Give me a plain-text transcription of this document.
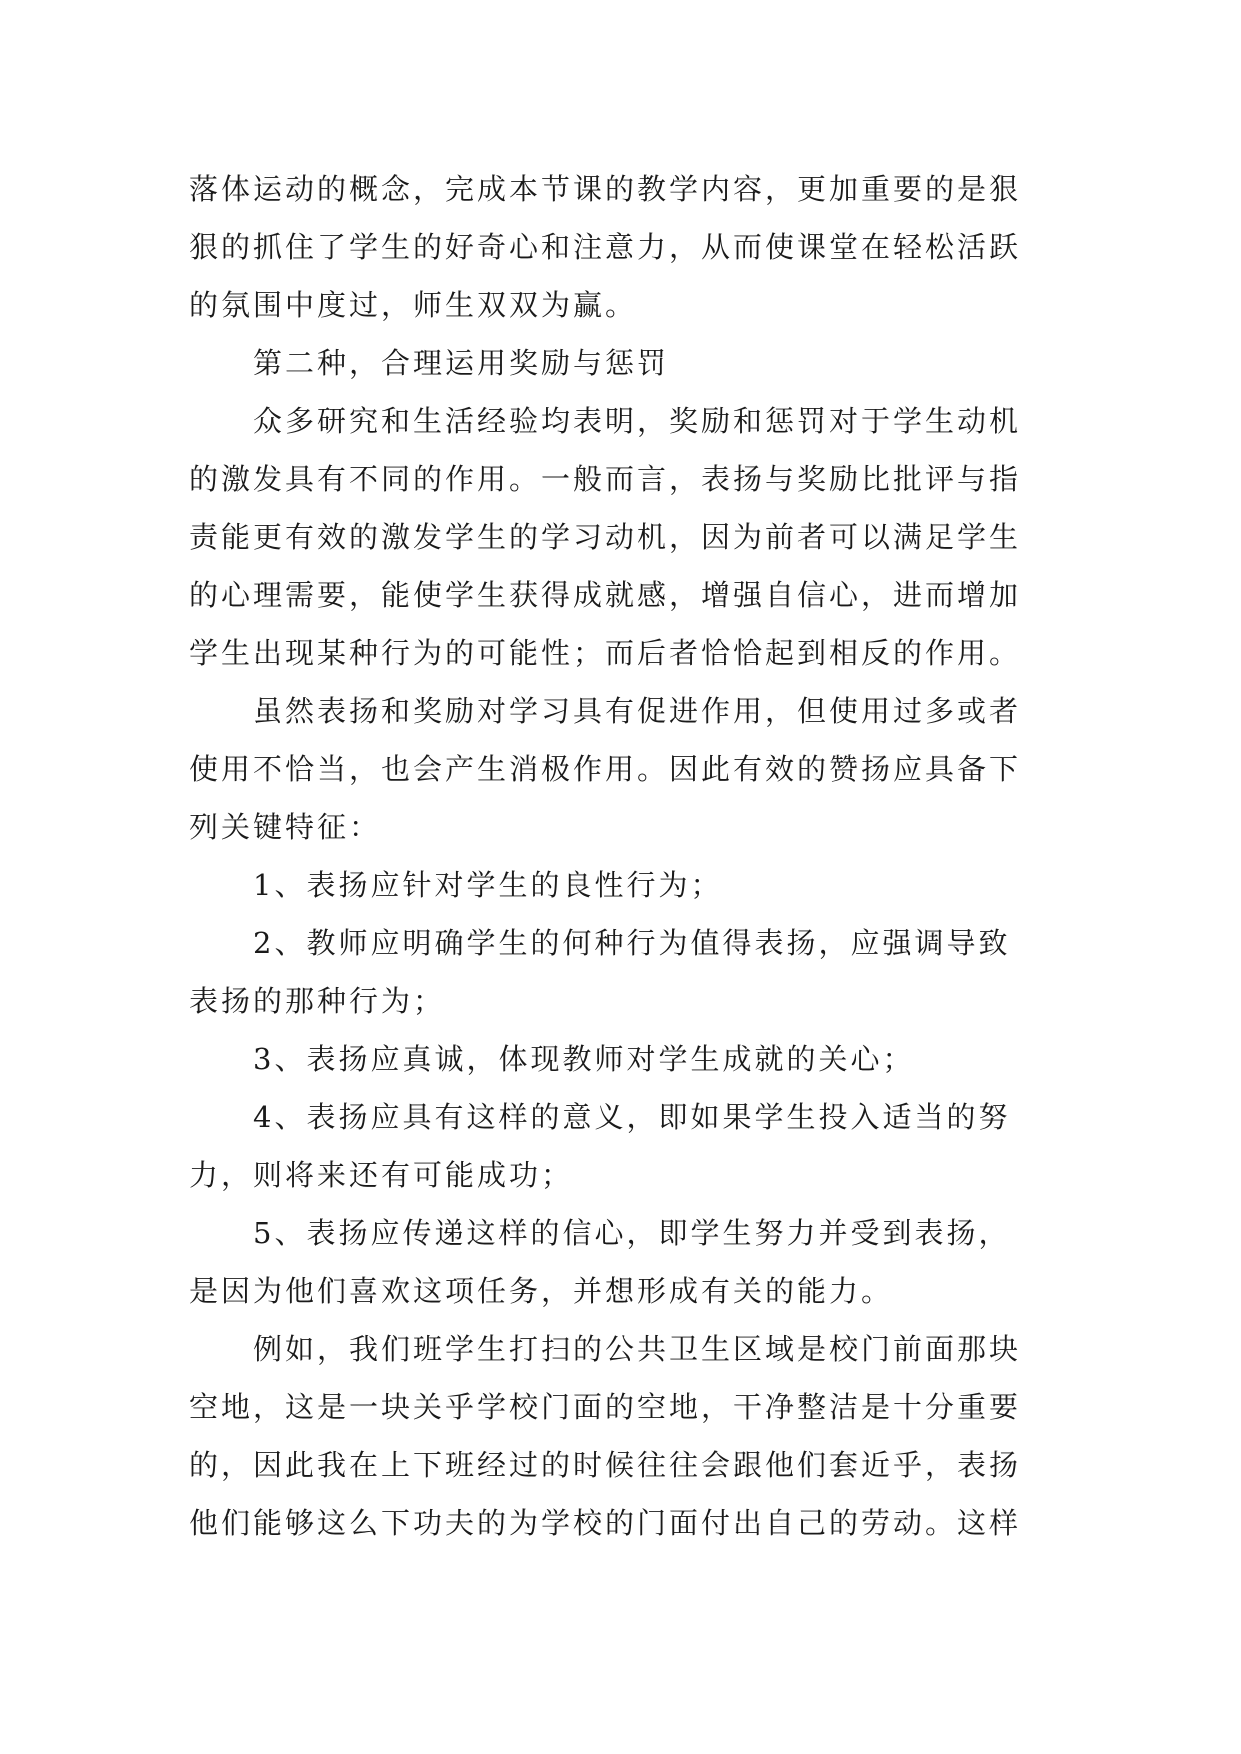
落体运动的概念，完成本节课的教学内容，更加重要的是狠
狠的抓住了学生的好奇心和注意力，从而使课堂在轻松活跃
的氛围中度过，师生双双为赢。
第二种，合理运用奖励与惩罚
众多研究和生活经验均表明，奖励和惩罚对于学生动机
的激发具有不同的作用。一般而言，表扬与奖励比批评与指
责能更有效的激发学生的学习动机，因为前者可以满足学生
的心理需要，能使学生获得成就感，增强自信心，进而增加
学生出现某种行为的可能性；而后者恰恰起到相反的作用。
虽然表扬和奖励对学习具有促进作用，但使用过多或者
使用不恰当，也会产生消极作用。因此有效的赞扬应具备下
列关键特征：
1、表扬应针对学生的良性行为；
2、教师应明确学生的何种行为值得表扬，应强调导致
表扬的那种行为；
3、表扬应真诚，体现教师对学生成就的关心；
4、表扬应具有这样的意义，即如果学生投入适当的努
力，则将来还有可能成功；
5、表扬应传递这样的信心，即学生努力并受到表扬，
是因为他们喜欢这项任务，并想形成有关的能力。
例如，我们班学生打扫的公共卫生区域是校门前面那块
空地，这是一块关乎学校门面的空地，干净整洁是十分重要
的，因此我在上下班经过的时候往往会跟他们套近乎，表扬
他们能够这么下功夫的为学校的门面付出自己的劳动。这样
